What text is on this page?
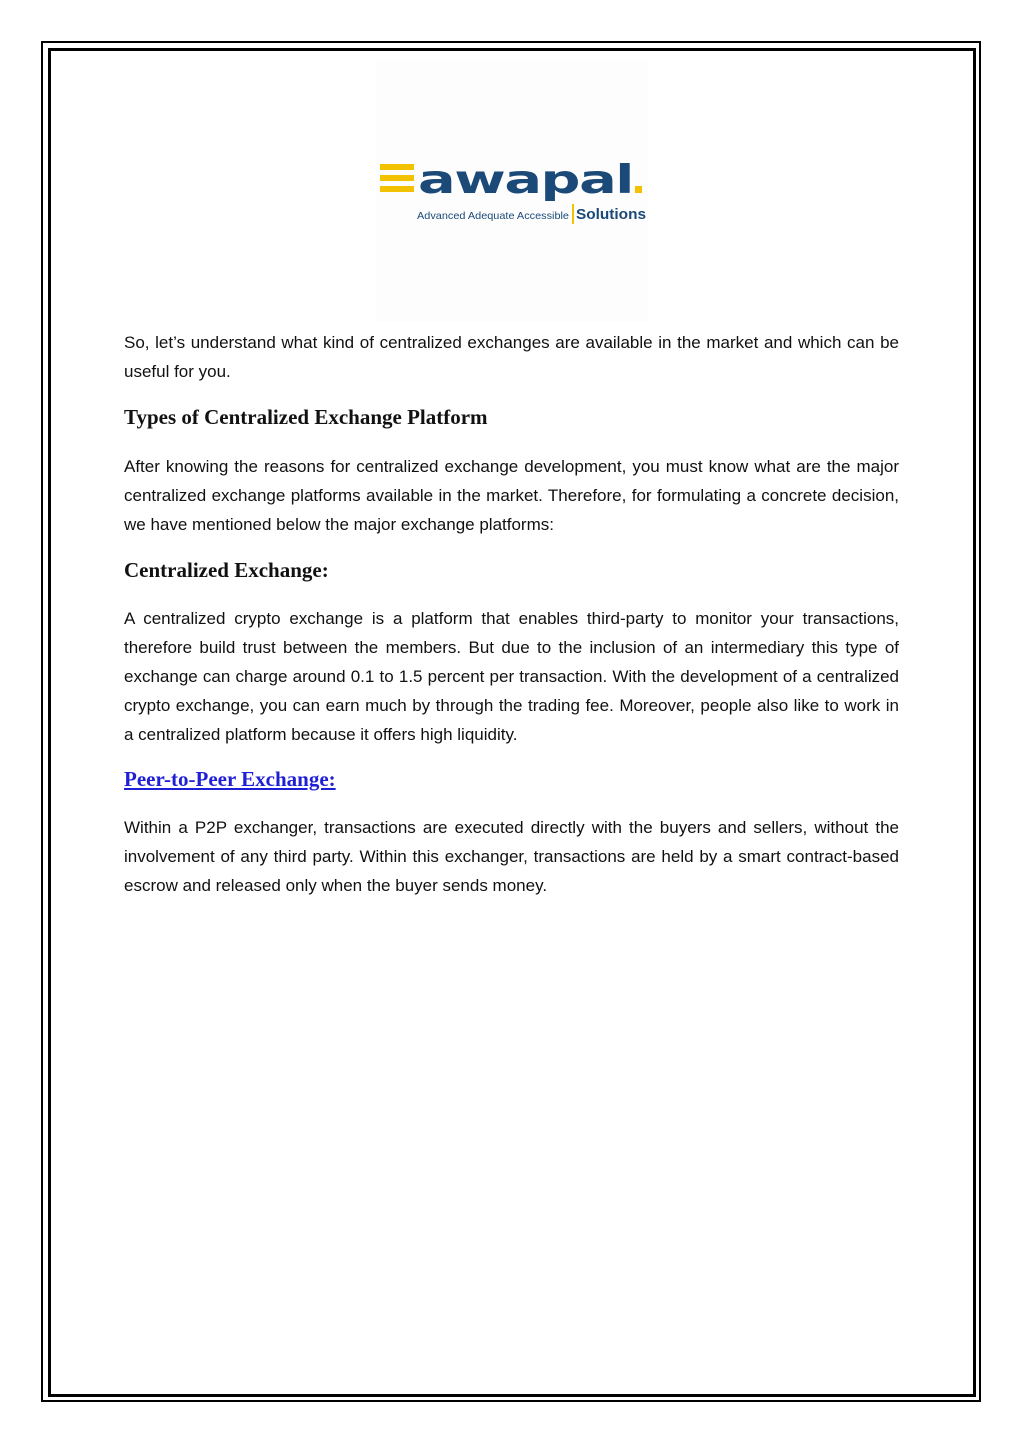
awapal
Advanced Adequate Accessible Solutions

So, let’s understand what kind of centralized exchanges are available in the market and which can be useful for you.

Types of Centralized Exchange Platform

After knowing the reasons for centralized exchange development, you must know what are the major centralized exchange platforms available in the market. Therefore, for formulating a concrete decision, we have mentioned below the major exchange platforms:

Centralized Exchange:

A centralized crypto exchange is a platform that enables third-party to monitor your transactions, therefore build trust between the members. But due to the inclusion of an intermediary this type of exchange can charge around 0.1 to 1.5 percent per transaction. With the development of a centralized crypto exchange, you can earn much by through the trading fee. Moreover, people also like to work in a centralized platform because it offers high liquidity.

Peer-to-Peer Exchange:

Within a P2P exchanger, transactions are executed directly with the buyers and sellers, without the involvement of any third party. Within this exchanger, transactions are held by a smart contract-based escrow and released only when the buyer sends money.
